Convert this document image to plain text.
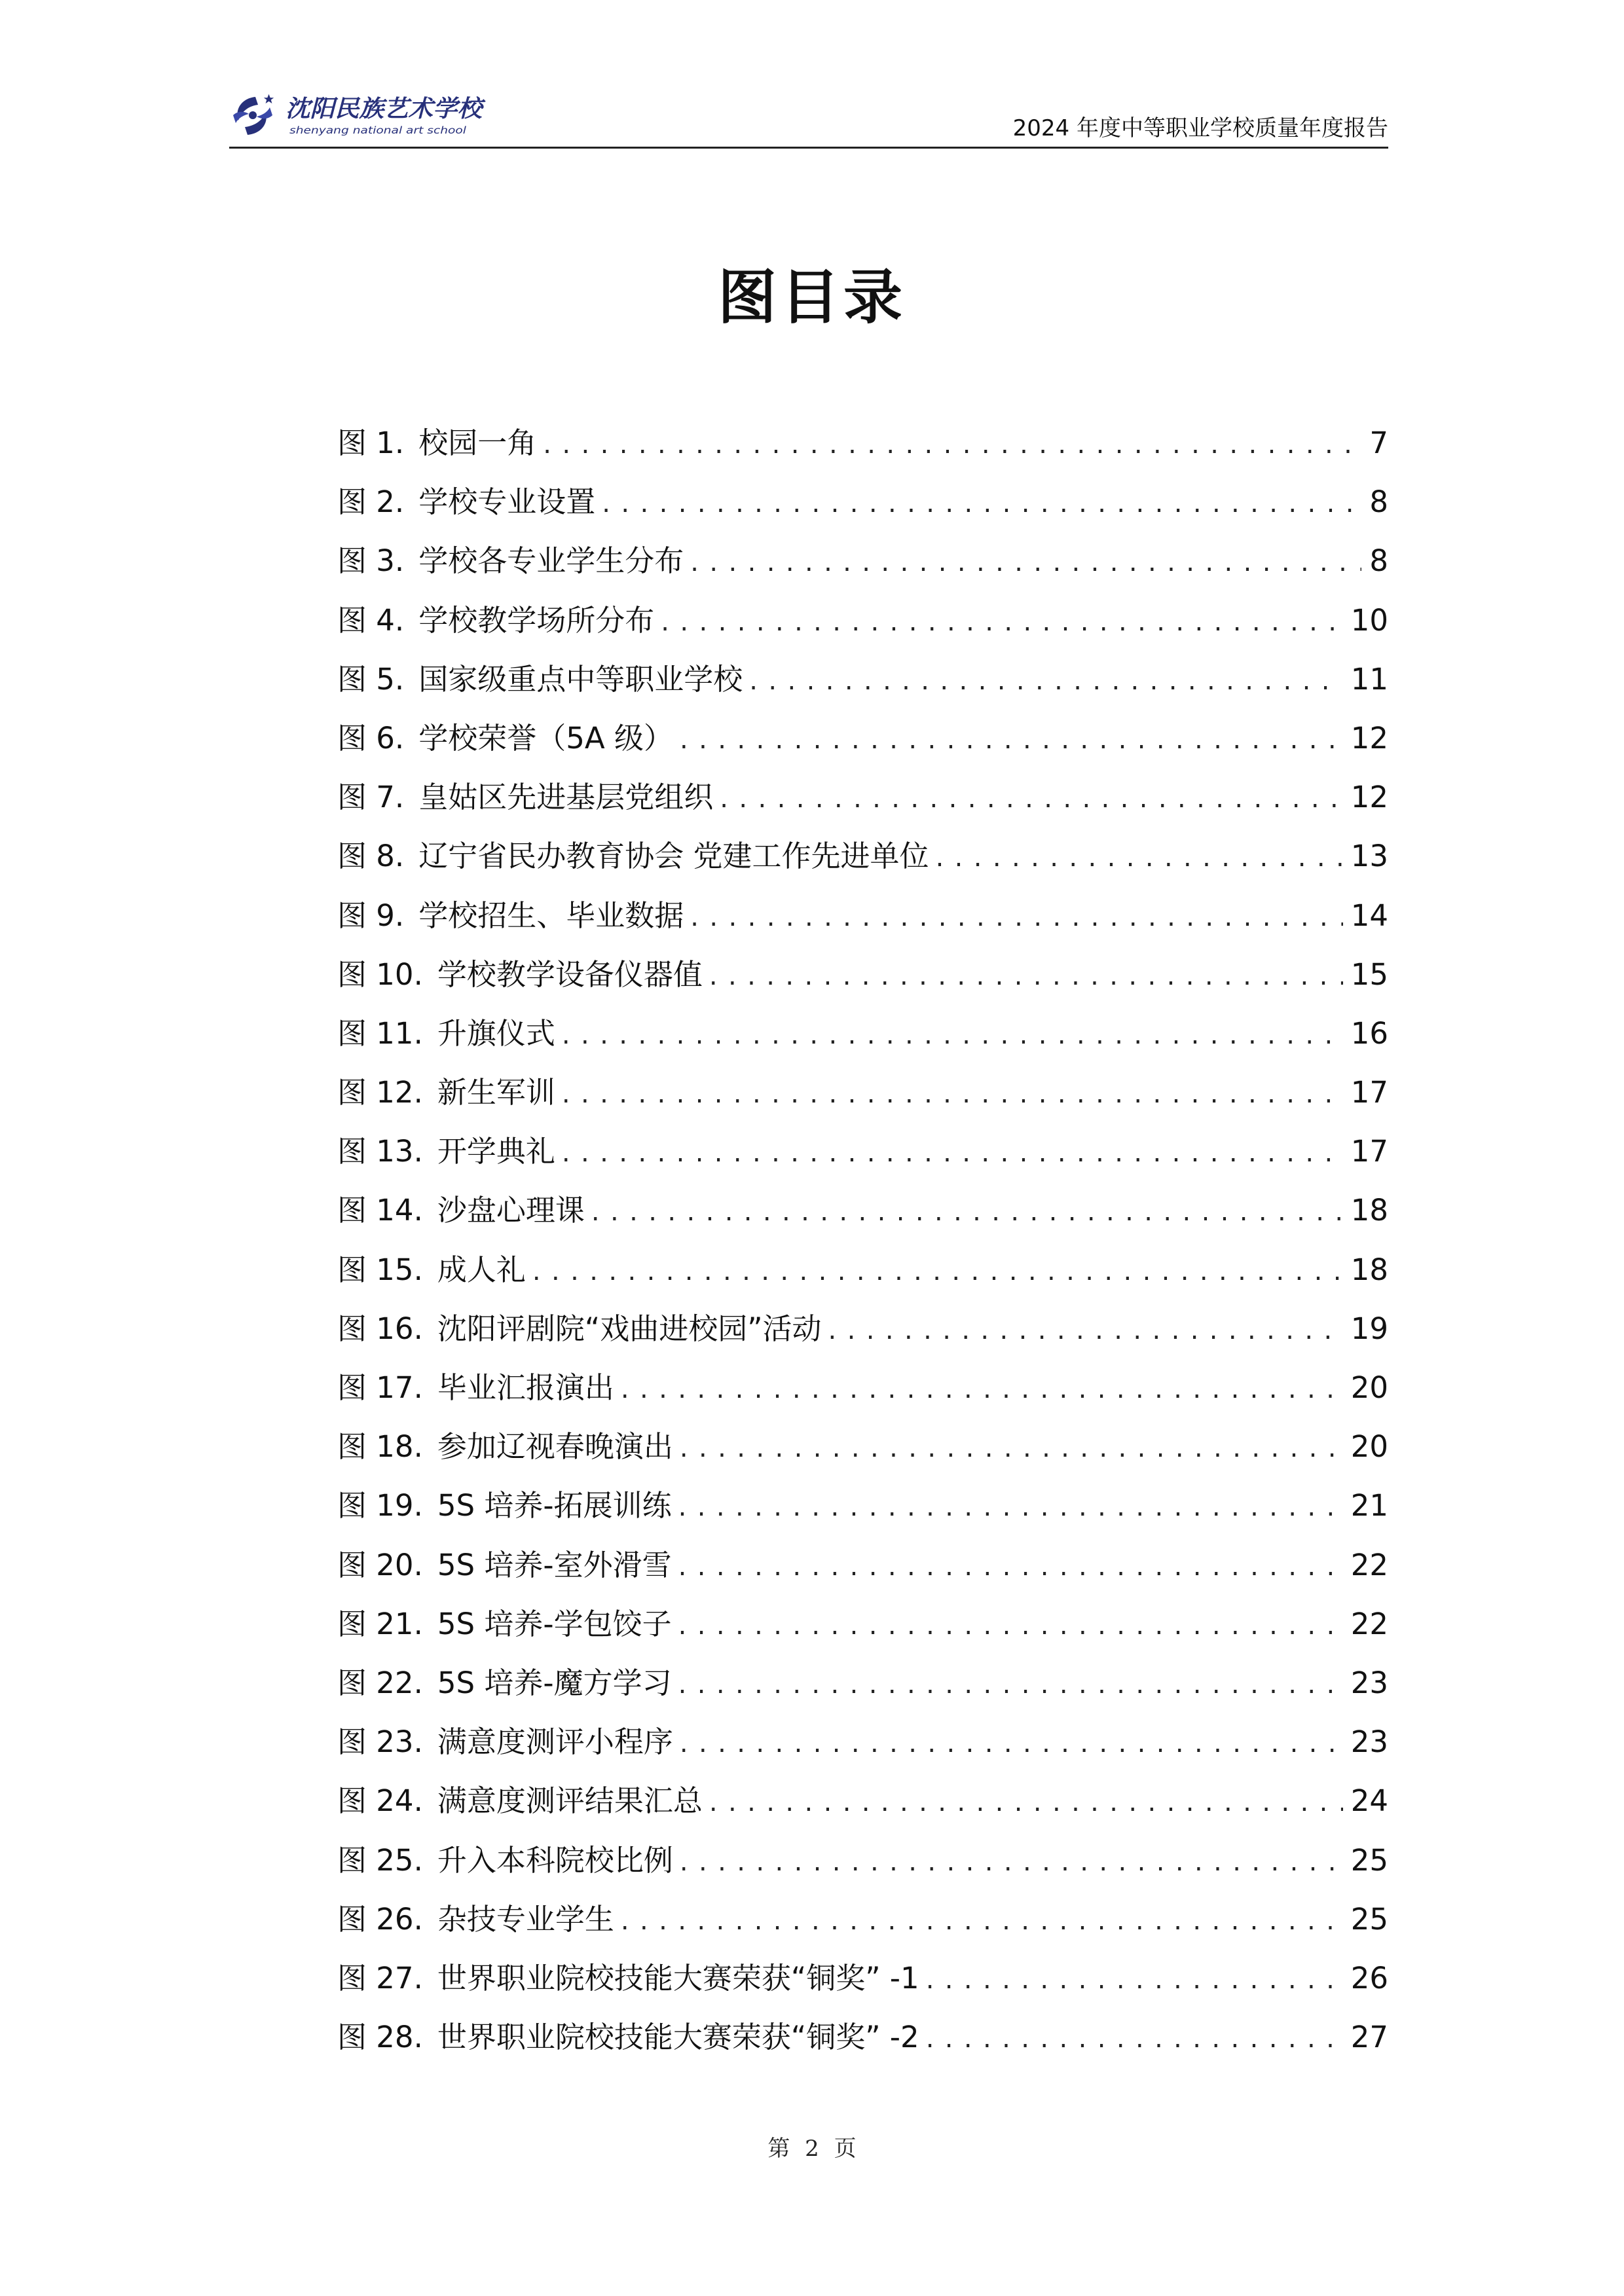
沈阳民族艺术学校
shenyang national art school	2024 年度中等职业学校质量年度报告
图目录
图 1. 校园一角 .....	7
图 2. 学校专业设置 .....	8
图 3. 学校各专业学生分布 .....	8
图 4. 学校教学场所分布 .....	10
图 5. 国家级重点中等职业学校 .....	11
图 6. 学校荣誉（5A 级） .....	12
图 7. 皇姑区先进基层党组织 .....	12
图 8. 辽宁省民办教育协会 党建工作先进单位 .....	13
图 9. 学校招生、毕业数据 .....	14
图 10. 学校教学设备仪器值 .....	15
图 11. 升旗仪式 .....	16
图 12. 新生军训 .....	17
图 13. 开学典礼 .....	17
图 14. 沙盘心理课 .....	18
图 15. 成人礼 .....	18
图 16. 沈阳评剧院“戏曲进校园”活动 .....	19
图 17. 毕业汇报演出 .....	20
图 18. 参加辽视春晚演出 .....	20
图 19. 5S 培养-拓展训练 .....	21
图 20. 5S 培养-室外滑雪 .....	22
图 21. 5S 培养-学包饺子 .....	22
图 22. 5S 培养-魔方学习 .....	23
图 23. 满意度测评小程序 .....	23
图 24. 满意度测评结果汇总 .....	24
图 25. 升入本科院校比例 .....	25
图 26. 杂技专业学生 .....	25
图 27. 世界职业院校技能大赛荣获“铜奖” -1 .....	26
图 28. 世界职业院校技能大赛荣获“铜奖” -2 .....	27
第 2 页
